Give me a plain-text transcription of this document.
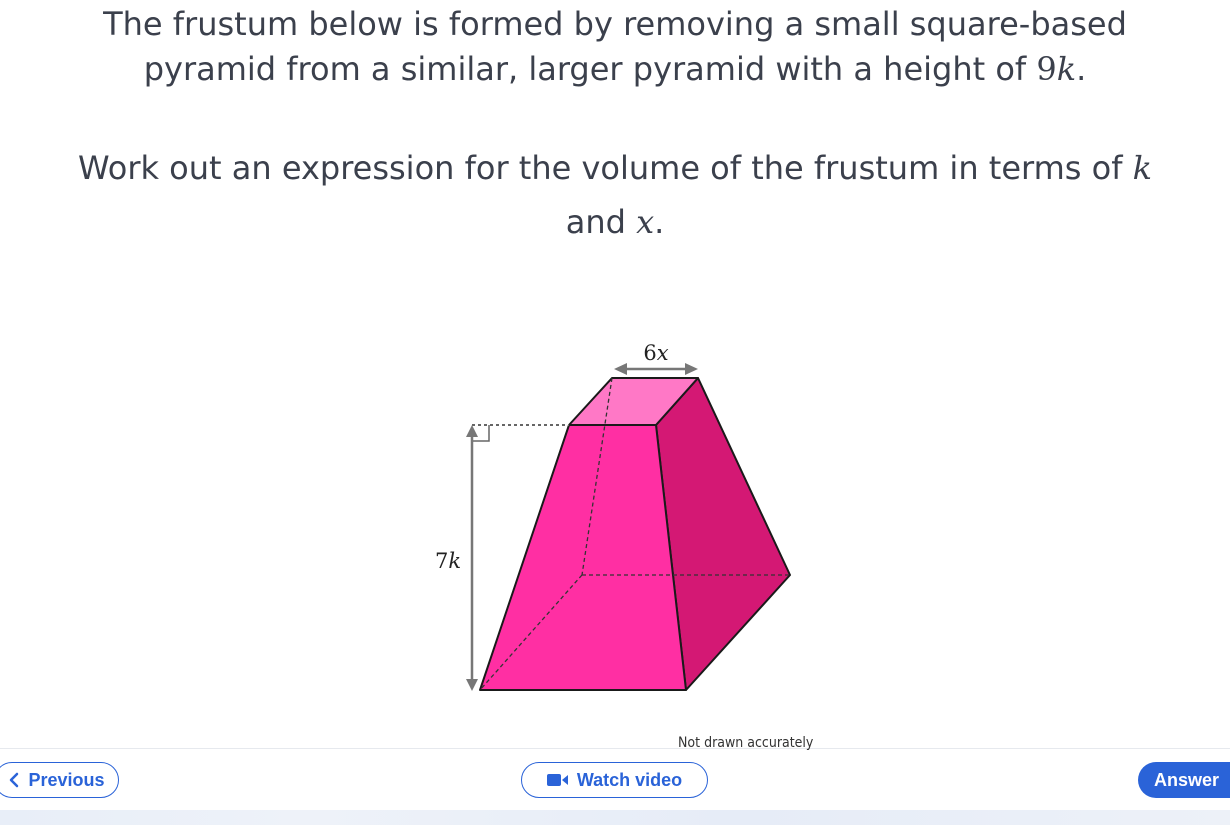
The frustum below is formed by removing a small square-based
pyramid from a similar, larger pyramid with a height of 9k.
Work out an expression for the volume of the frustum in terms of k
and x.
6x
7k
Not drawn accurately
Previous	Watch video	Answer
